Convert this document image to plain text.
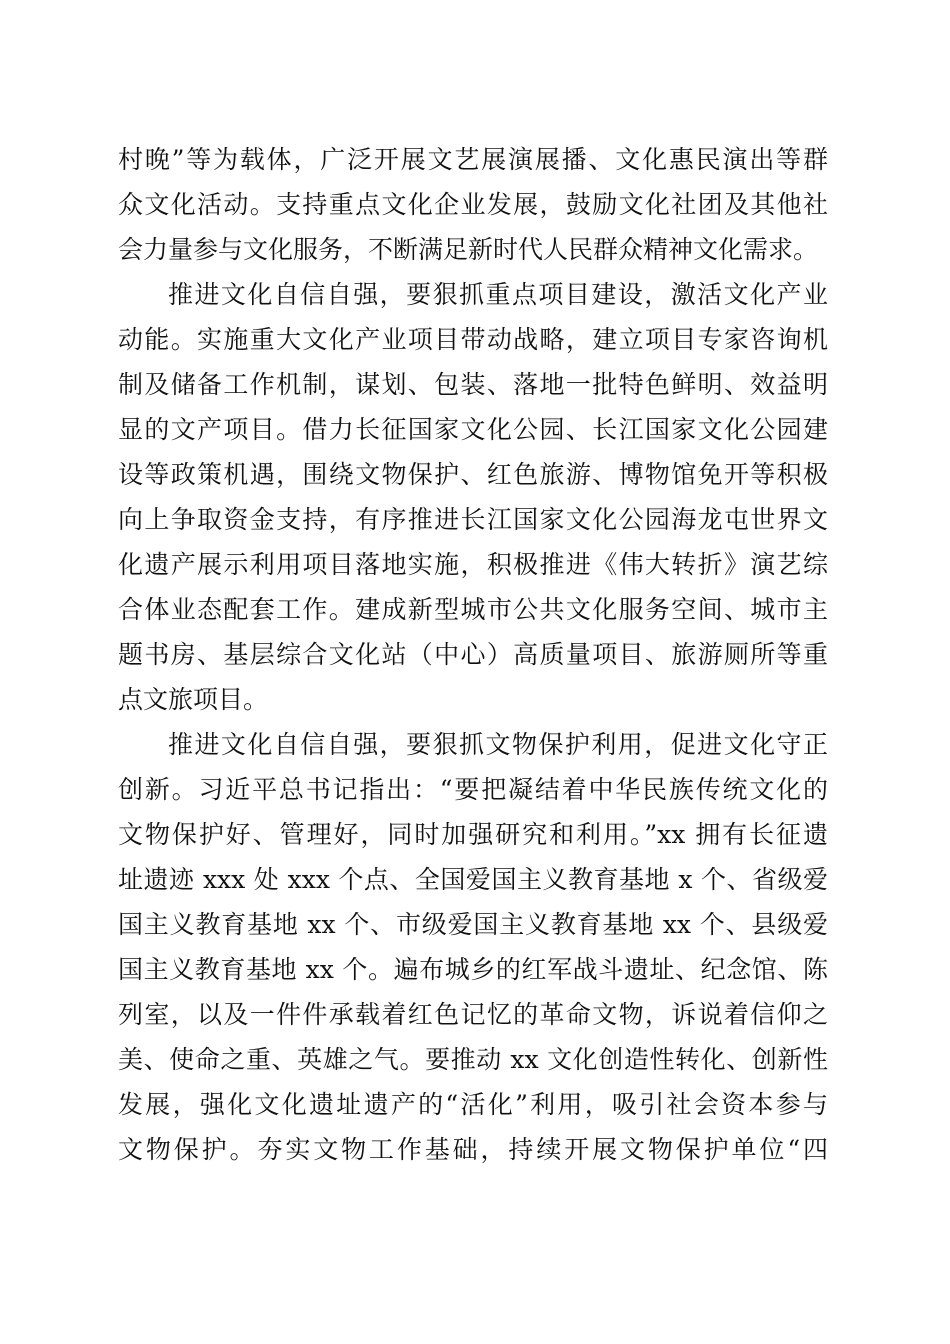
村晚”等为载体，广泛开展文艺展演展播、文化惠民演出等群
众文化活动。支持重点文化企业发展，鼓励文化社团及其他社
会力量参与文化服务，不断满足新时代人民群众精神文化需求。
推进文化自信自强，要狠抓重点项目建设，激活文化产业
动能。实施重大文化产业项目带动战略，建立项目专家咨询机
制及储备工作机制，谋划、包装、落地一批特色鲜明、效益明
显的文产项目。借力长征国家文化公园、长江国家文化公园建
设等政策机遇，围绕文物保护、红色旅游、博物馆免开等积极
向上争取资金支持，有序推进长江国家文化公园海龙屯世界文
化遗产展示利用项目落地实施，积极推进《伟大转折》演艺综
合体业态配套工作。建成新型城市公共文化服务空间、城市主
题书房、基层综合文化站（中心）高质量项目、旅游厕所等重
点文旅项目。
推进文化自信自强，要狠抓文物保护利用，促进文化守正
创新。习近平总书记指出：“要把凝结着中华民族传统文化的
文物保护好、管理好，同时加强研究和利用。”xx 拥有长征遗
址遗迹 xxx 处 xxx 个点、全国爱国主义教育基地 x 个、省级爱
国主义教育基地 xx 个、市级爱国主义教育基地 xx 个、县级爱
国主义教育基地 xx 个。遍布城乡的红军战斗遗址、纪念馆、陈
列室，以及一件件承载着红色记忆的革命文物，诉说着信仰之
美、使命之重、英雄之气。要推动 xx 文化创造性转化、创新性
发展，强化文化遗址遗产的“活化”利用，吸引社会资本参与
文物保护。夯实文物工作基础，持续开展文物保护单位“四
